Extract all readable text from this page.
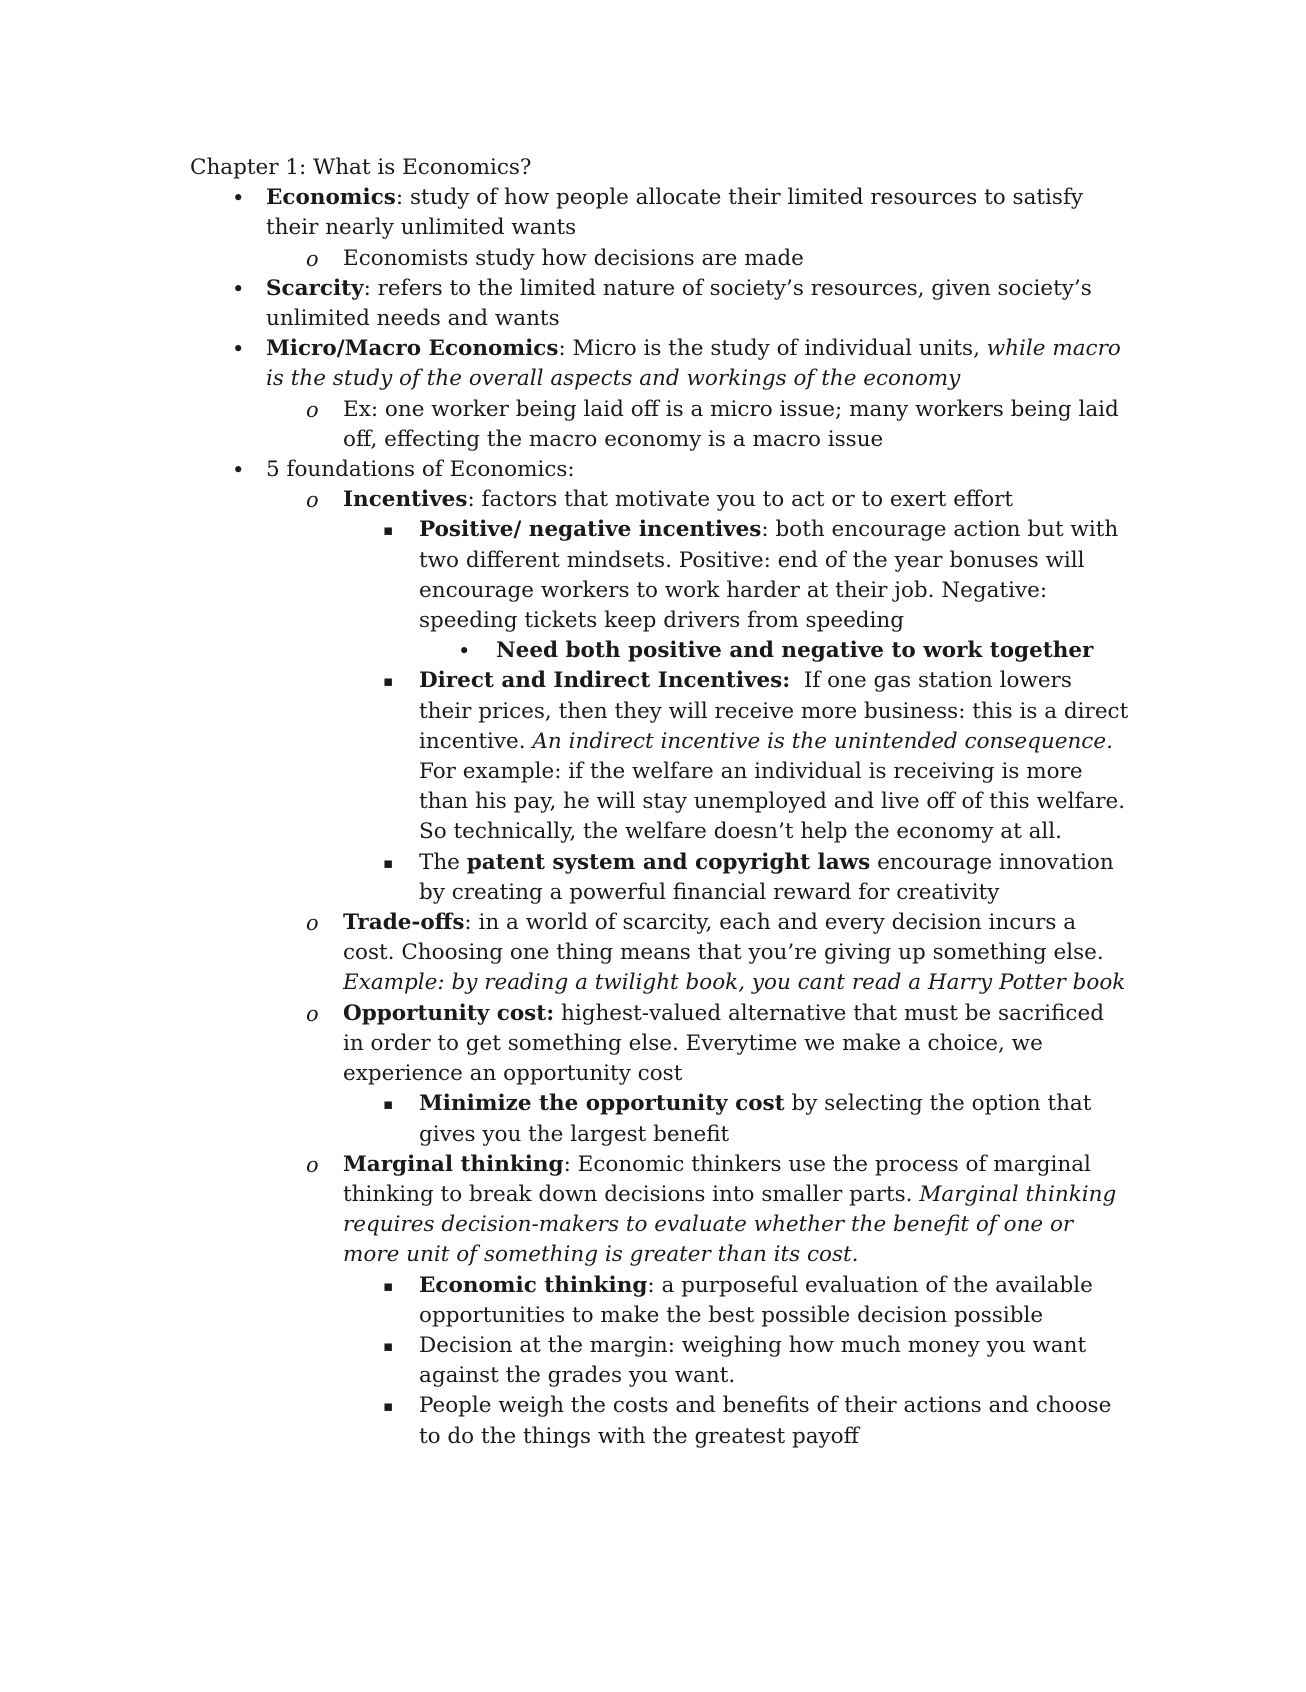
Chapter 1: What is Economics?
• Economics: study of how people allocate their limited resources to satisfy their nearly unlimited wants
o Economists study how decisions are made
• Scarcity: refers to the limited nature of society’s resources, given society’s unlimited needs and wants
• Micro/Macro Economics: Micro is the study of individual units, while macro is the study of the overall aspects and workings of the economy
o Ex: one worker being laid off is a micro issue; many workers being laid off, effecting the macro economy is a macro issue
• 5 foundations of Economics:
o Incentives: factors that motivate you to act or to exert effort
▪ Positive/ negative incentives: both encourage action but with two different mindsets. Positive: end of the year bonuses will encourage workers to work harder at their job. Negative: speeding tickets keep drivers from speeding
• Need both positive and negative to work together
▪ Direct and Indirect Incentives:  If one gas station lowers their prices, then they will receive more business: this is a direct incentive. An indirect incentive is the unintended consequence. For example: if the welfare an individual is receiving is more than his pay, he will stay unemployed and live off of this welfare. So technically, the welfare doesn’t help the economy at all.
▪ The patent system and copyright laws encourage innovation by creating a powerful financial reward for creativity
o Trade-offs: in a world of scarcity, each and every decision incurs a cost. Choosing one thing means that you’re giving up something else. Example: by reading a twilight book, you cant read a Harry Potter book
o Opportunity cost: highest-valued alternative that must be sacrificed in order to get something else. Everytime we make a choice, we experience an opportunity cost
▪ Minimize the opportunity cost by selecting the option that gives you the largest benefit
o Marginal thinking: Economic thinkers use the process of marginal thinking to break down decisions into smaller parts. Marginal thinking requires decision-makers to evaluate whether the benefit of one or more unit of something is greater than its cost.
▪ Economic thinking: a purposeful evaluation of the available opportunities to make the best possible decision possible
▪ Decision at the margin: weighing how much money you want against the grades you want.
▪ People weigh the costs and benefits of their actions and choose to do the things with the greatest payoff
